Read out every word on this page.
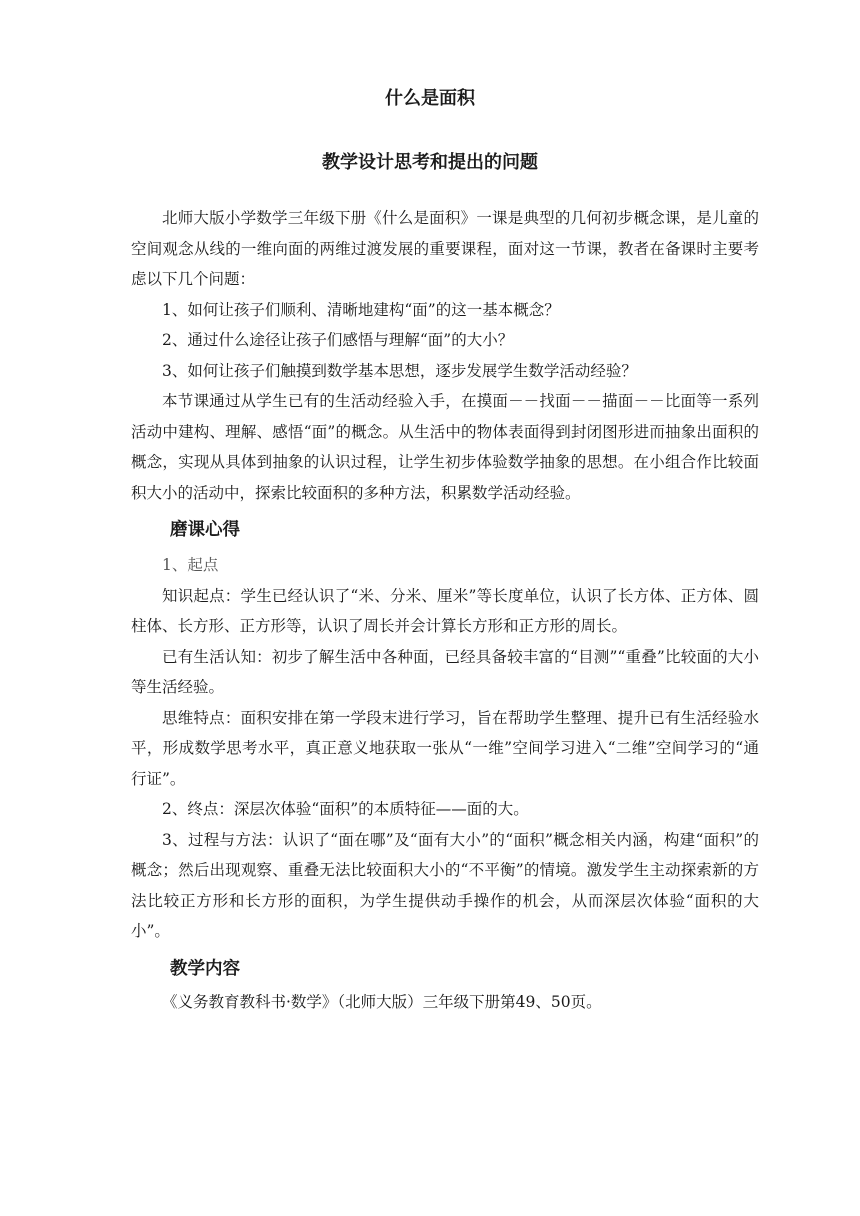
什么是面积
教学设计思考和提出的问题

北师大版小学数学三年级下册《什么是面积》一课是典型的几何初步概念课，是儿童的空间观念从线的一维向面的两维过渡发展的重要课程，面对这一节课，教者在备课时主要考虑以下几个问题：

1、如何让孩子们顺利、清晰地建构“面”的这一基本概念？

2、通过什么途径让孩子们感悟与理解“面”的大小？

3、如何让孩子们触摸到数学基本思想，逐步发展学生数学活动经验？

本节课通过从学生已有的生活动经验入手，在摸面－－找面－－描面－－比面等一系列活动中建构、理解、感悟“面”的概念。从生活中的物体表面得到封闭图形进而抽象出面积的概念，实现从具体到抽象的认识过程，让学生初步体验数学抽象的思想。在小组合作比较面积大小的活动中，探索比较面积的多种方法，积累数学活动经验。

磨课心得

1、起点

知识起点：学生已经认识了“米、分米、厘米”等长度单位，认识了长方体、正方体、圆柱体、长方形、正方形等，认识了周长并会计算长方形和正方形的周长。

已有生活认知：初步了解生活中各种面，已经具备较丰富的“目测”“重叠”比较面的大小等生活经验。

思维特点：面积安排在第一学段末进行学习，旨在帮助学生整理、提升已有生活经验水平，形成数学思考水平，真正意义地获取一张从“一维”空间学习进入“二维”空间学习的“通行证”。

2、终点：深层次体验“面积”的本质特征——面的大。

3、过程与方法：认识了“面在哪”及“面有大小”的“面积”概念相关内涵，构建“面积”的概念；然后出现观察、重叠无法比较面积大小的“不平衡”的情境。激发学生主动探索新的方法比较正方形和长方形的面积，为学生提供动手操作的机会，从而深层次体验“面积的大小”。

教学内容

《义务教育教科书·数学》（北师大版）三年级下册第49、50页。
